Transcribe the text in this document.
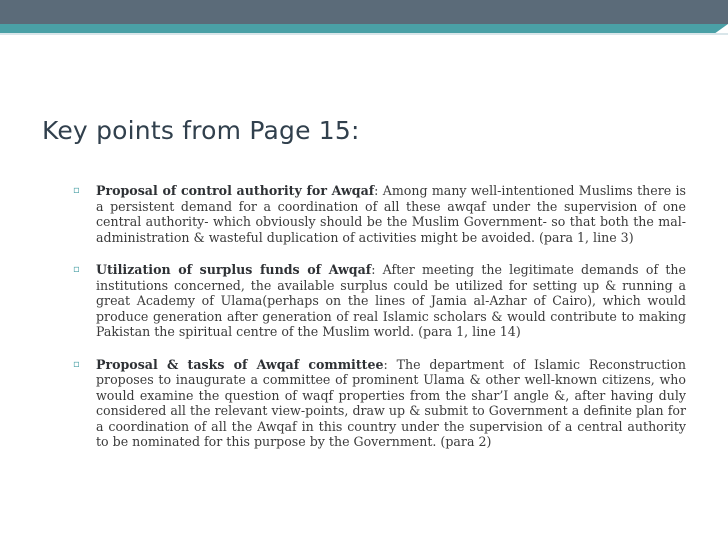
Key points from Page 15:
▫ Proposal of control authority for Awqaf: Among many well-intentioned Muslims there is a persistent demand for a coordination of all these awqaf under the supervision of one central authority- which obviously should be the Muslim Government- so that both the mal-administration & wasteful duplication of activities might be avoided. (para 1, line 3)
▫ Utilization of surplus funds of Awqaf: After meeting the legitimate demands of the institutions concerned, the available surplus could be utilized for setting up & running a great Academy of Ulama(perhaps on the lines of Jamia al-Azhar of Cairo), which would produce generation after generation of real Islamic scholars & would contribute to making Pakistan the spiritual centre of the Muslim world. (para 1, line 14)
▫ Proposal & tasks of Awqaf committee: The department of Islamic Reconstruction proposes to inaugurate a committee of prominent Ulama & other well-known citizens, who would examine the question of waqf properties from the shar’I angle &, after having duly considered all the relevant view-points, draw up & submit to Government a definite plan for a coordination of all the Awqaf in this country under the supervision of a central authority to be nominated for this purpose by the Government. (para 2)
